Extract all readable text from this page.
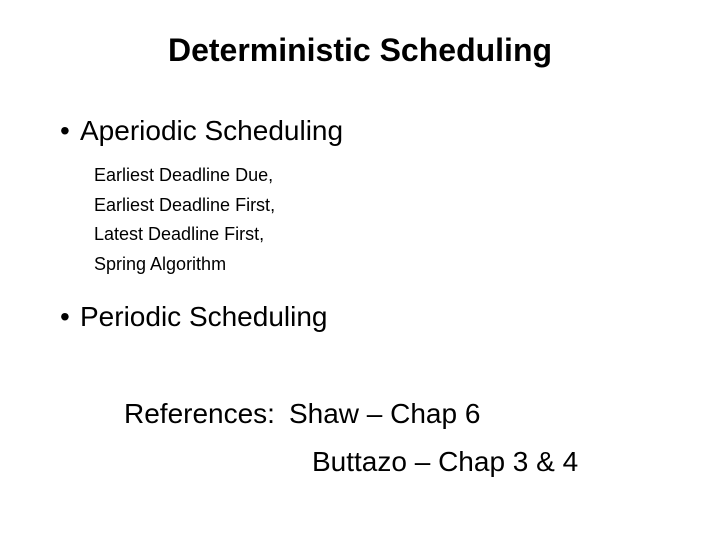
Deterministic Scheduling
• Aperiodic Scheduling
Earliest Deadline Due,
Earliest Deadline First,
Latest Deadline First,
Spring Algorithm
• Periodic Scheduling
References: Shaw – Chap 6
Buttazo – Chap 3 & 4
